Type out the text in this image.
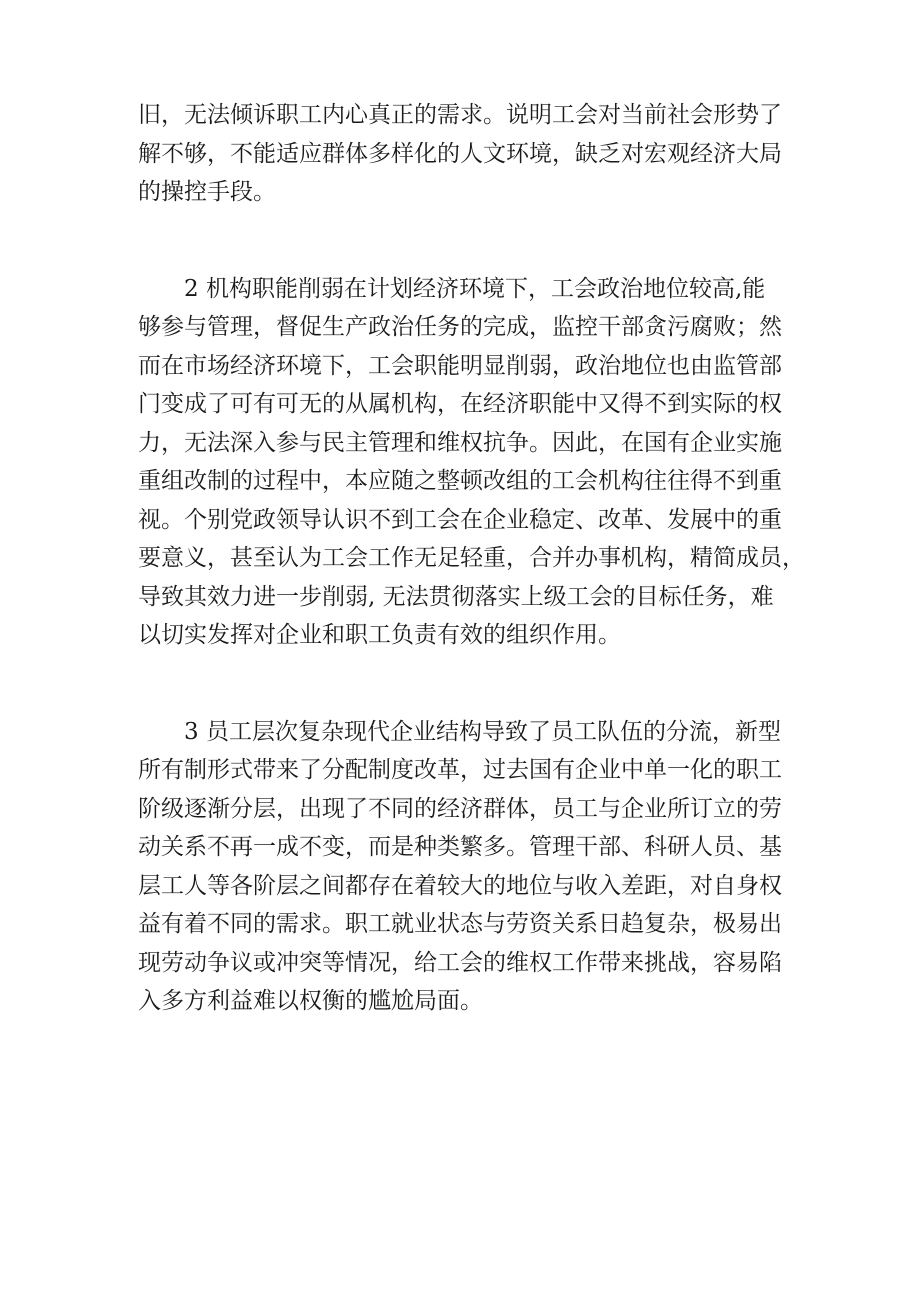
旧，无法倾诉职工内心真正的需求。说明工会对当前社会形势了
解不够，不能适应群体多样化的人文环境，缺乏对宏观经济大局
的操控手段。
2 机构职能削弱在计划经济环境下，工会政治地位较高,能
够参与管理，督促生产政治任务的完成，监控干部贪污腐败；然
而在市场经济环境下，工会职能明显削弱，政治地位也由监管部
门变成了可有可无的从属机构，在经济职能中又得不到实际的权
力，无法深入参与民主管理和维权抗争。因此，在国有企业实施
重组改制的过程中，本应随之整顿改组的工会机构往往得不到重
视。个别党政领导认识不到工会在企业稳定、改革、发展中的重
要意义，甚至认为工会工作无足轻重，合并办事机构，精简成员，
导致其效力进一步削弱, 无法贯彻落实上级工会的目标任务，难
以切实发挥对企业和职工负责有效的组织作用。
3 员工层次复杂现代企业结构导致了员工队伍的分流，新型
所有制形式带来了分配制度改革，过去国有企业中单一化的职工
阶级逐渐分层，出现了不同的经济群体，员工与企业所订立的劳
动关系不再一成不变，而是种类繁多。管理干部、科研人员、基
层工人等各阶层之间都存在着较大的地位与收入差距，对自身权
益有着不同的需求。职工就业状态与劳资关系日趋复杂，极易出
现劳动争议或冲突等情况，给工会的维权工作带来挑战，容易陷
入多方利益难以权衡的尴尬局面。
